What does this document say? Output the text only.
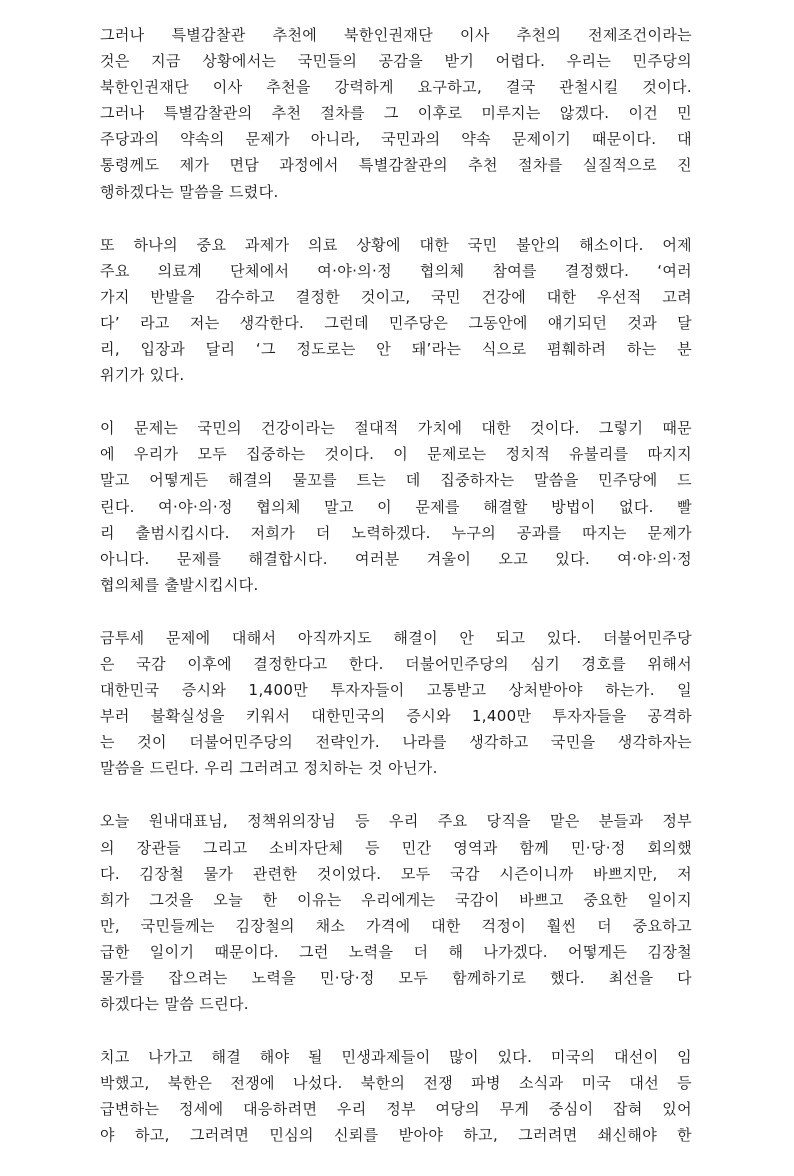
그러나 특별감찰관 추천에 북한인권재단 이사 추천의 전제조건이라는
것은 지금 상황에서는 국민들의 공감을 받기 어렵다. 우리는 민주당의
북한인권재단 이사 추천을 강력하게 요구하고, 결국 관철시킬 것이다.
그러나 특별감찰관의 추천 절차를 그 이후로 미루지는 않겠다. 이건 민
주당과의 약속의 문제가 아니라, 국민과의 약속 문제이기 때문이다. 대
통령께도 제가 면담 과정에서 특별감찰관의 추천 절차를 실질적으로 진
행하겠다는 말씀을 드렸다.
또 하나의 중요 과제가 의료 상황에 대한 국민 불안의 해소이다. 어제
주요 의료계 단체에서 여·야·의·정 협의체 참여를 결정했다. ‘여러
가지 반발을 감수하고 결정한 것이고, 국민 건강에 대한 우선적 고려
다’ 라고 저는 생각한다. 그런데 민주당은 그동안에 얘기되던 것과 달
리, 입장과 달리 ‘그 정도로는 안 돼’라는 식으로 폄훼하려 하는 분
위기가 있다.
이 문제는 국민의 건강이라는 절대적 가치에 대한 것이다. 그렇기 때문
에 우리가 모두 집중하는 것이다. 이 문제로는 정치적 유불리를 따지지
말고 어떻게든 해결의 물꼬를 트는 데 집중하자는 말씀을 민주당에 드
린다. 여·야·의·정 협의체 말고 이 문제를 해결할 방법이 없다. 빨
리 출범시킵시다. 저희가 더 노력하겠다. 누구의 공과를 따지는 문제가
아니다. 문제를 해결합시다. 여러분 겨울이 오고 있다. 여·야·의·정
협의체를 출발시킵시다.
금투세 문제에 대해서 아직까지도 해결이 안 되고 있다. 더불어민주당
은 국감 이후에 결정한다고 한다. 더불어민주당의 심기 경호를 위해서
대한민국 증시와 1,400만 투자자들이 고통받고 상처받아야 하는가. 일
부러 불확실성을 키워서 대한민국의 증시와 1,400만 투자자들을 공격하
는 것이 더불어민주당의 전략인가. 나라를 생각하고 국민을 생각하자는
말씀을 드린다. 우리 그러려고 정치하는 것 아닌가.
오늘 원내대표님, 정책위의장님 등 우리 주요 당직을 맡은 분들과 정부
의 장관들 그리고 소비자단체 등 민간 영역과 함께 민·당·정 회의했
다. 김장철 물가 관련한 것이었다. 모두 국감 시즌이니까 바쁘지만, 저
희가 그것을 오늘 한 이유는 우리에게는 국감이 바쁘고 중요한 일이지
만, 국민들께는 김장철의 채소 가격에 대한 걱정이 훨씬 더 중요하고
급한 일이기 때문이다. 그런 노력을 더 해 나가겠다. 어떻게든 김장철
물가를 잡으려는 노력을 민·당·정 모두 함께하기로 했다. 최선을 다
하겠다는 말씀 드린다.
치고 나가고 해결 해야 될 민생과제들이 많이 있다. 미국의 대선이 임
박했고, 북한은 전쟁에 나섰다. 북한의 전쟁 파병 소식과 미국 대선 등
급변하는 정세에 대응하려면 우리 정부 여당의 무게 중심이 잡혀 있어
야 하고, 그러려면 민심의 신뢰를 받아야 하고, 그러려면 쇄신해야 한
